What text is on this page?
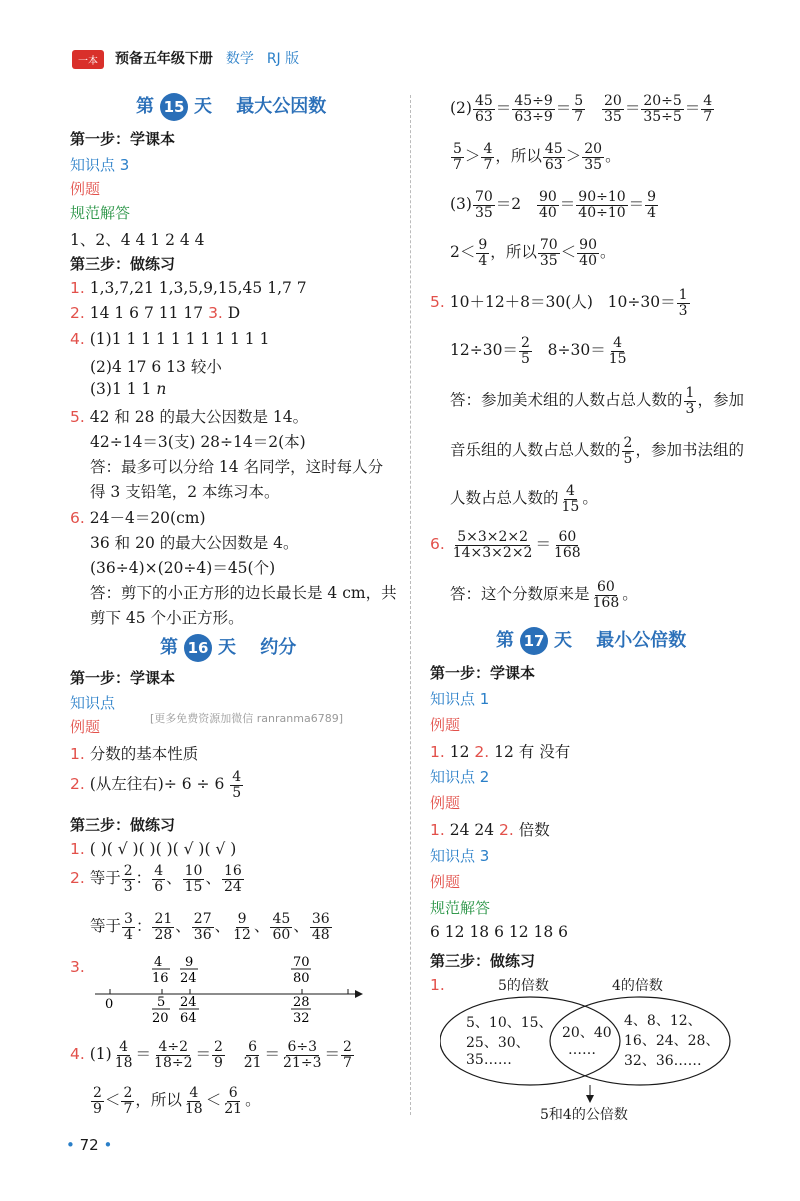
一本 预备五年级下册 数学 RJ 版
第 15 天 最大公因数
第一步：学课本
知识点 3
例题
规范解答
1、2、4 4 1 2 4 4
第三步：做练习
1. 1,3,7,21 1,3,5,9,15,45 1,7 7
2. 14 1 6 7 11 17 3. D
4. (1)1 1 1 1 1 1 1 1 1 1 1
(2)4 17 6 13 较小
(3)1 1 1 n
5. 42 和 28 的最大公因数是 14。
42÷14＝3(支) 28÷14＝2(本)
答：最多可以分给 14 名同学，这时每人分
得 3 支铅笔，2 本练习本。
6. 24－4＝20(cm)
36 和 20 的最大公因数是 4。
(36÷4)×(20÷4)＝45(个)
答：剪下的小正方形的边长最长是 4 cm，共
剪下 45 个小正方形。
第 16 天 约分
第一步：学课本
知识点
[更多免费资源加微信 ranranma6789]
例题
1. 分数的基本性质
2. (从左往右)÷ $6 \div 6 \frac{4}{5}$
第三步：做练习
1. ( )( √ )( )( )( √ )( √ )
2. 等于 $\frac{2}{3}$ ： $\frac{4}{6}$ 、 $\frac{10}{15}$ 、 $\frac{16}{24}$
等于 $\frac{3}{4}$ ： $\frac{21}{28}$ 、 $\frac{27}{36}$ 、 $\frac{9}{12}$ 、 $\frac{45}{60}$ 、 $\frac{36}{48}$
3.
0
4
16
9
24
70
80
5
20
24
64
28
32
4. $(1) \frac{4}{18} = \frac{4\div 2}{18\div 2} = \frac{2}{9}$
$\frac{6}{21} = \frac{6\div 3}{21\div 3} = \frac{2}{7}$
$\frac{2}{9} < \frac{2}{7}$ ，所以 $\frac{4}{18} < \frac{6}{21}$ 。
• 72 •
$(2) \frac{45}{63} = \frac{45\div 9}{63\div 9} = \frac{5}{7}$
$\frac{20}{35} = \frac{20\div 5}{35\div 5} = \frac{4}{7}$
$\frac{5}{7} > \frac{4}{7}$ ，所以 $\frac{45}{63} > \frac{20}{35}$ 。
$(3) \frac{70}{35} =2 \frac{90}{40} = \frac{90\div 10}{40\div 10} = \frac{9}{4}$
$2< \frac{9}{4}$ ，所以 $\frac{70}{35} < \frac{90}{40}$ 。
5. 10＋12＋8＝30(人) $10\div 30= \frac{1}{3}$
$12\div 30= \frac{2}{5} 8\div 30= \frac{4}{15}$
答：参加美术组的人数占总人数的 $\frac{1}{3}$ ，参加
音乐组的人数占总人数的 $\frac{2}{5}$ ，参加书法组的
人数占总人数的 $\frac{4}{15}$ 。
6. $\frac{5\times 3\times 2\times 2}{14\times 3\times 2\times 2} = \frac{60}{168}$
答：这个分数原来是 $\frac{60}{168}$ 。
第 17 天 最小公倍数
第一步：学课本
知识点 1
例题
1. 12 2. 12 有 没有
知识点 2
例题
1. 24 24 2. 倍数
知识点 3
例题
规范解答
6 12 18 6 12 18 6
第三步：做练习
1.	5的倍数	4的倍数
5、10、15、
25、30、
35……
20、40
……
4、8、12、
16、24、28、
32、36……
5和4的公倍数
